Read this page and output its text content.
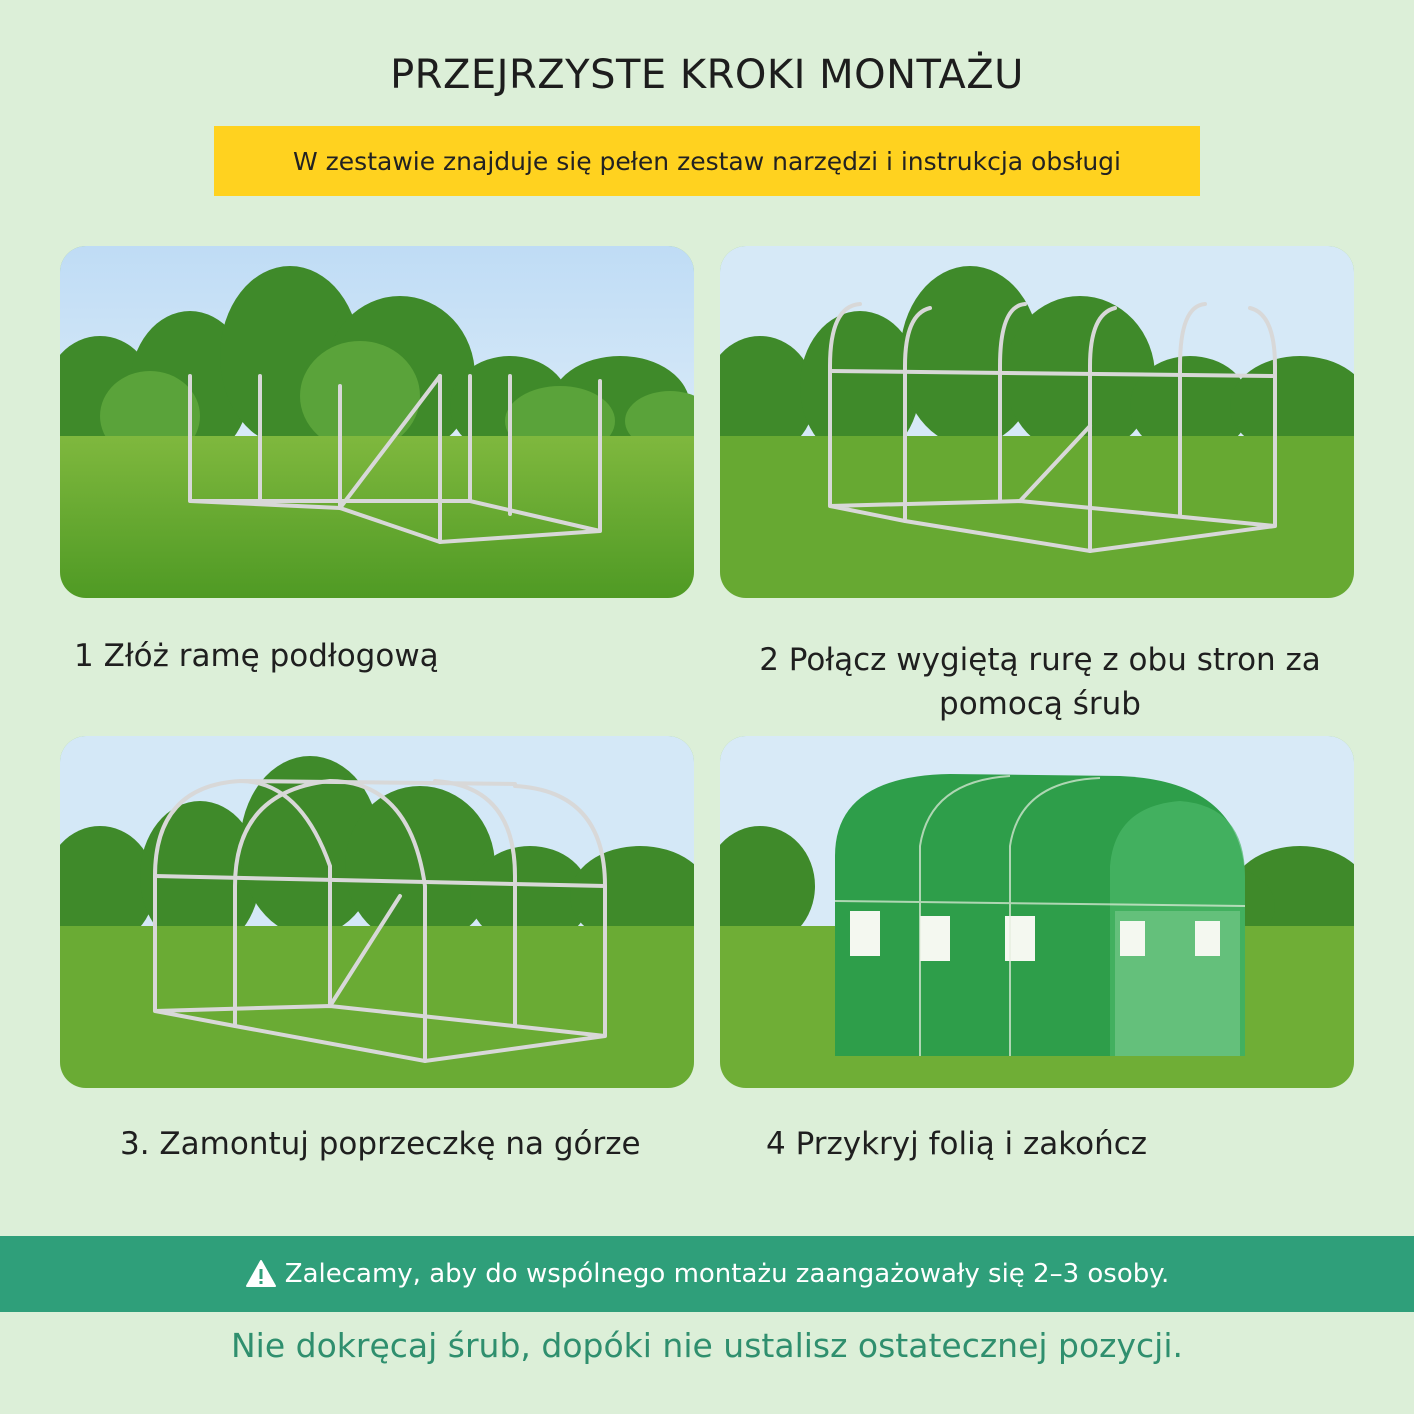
PRZEJRZYSTE KROKI MONTAŻU
W zestawie znajduje się pełen zestaw narzędzi i instrukcja obsługi
1 Złóż ramę podłogową	2 Połącz wygiętą rurę z obu stron za pomocą śrub
3. Zamontuj poprzeczkę na górze	4 Przykryj folią i zakończ
Zalecamy, aby do wspólnego montażu zaangażowały się 2–3 osoby.
Nie dokręcaj śrub, dopóki nie ustalisz ostatecznej pozycji.
